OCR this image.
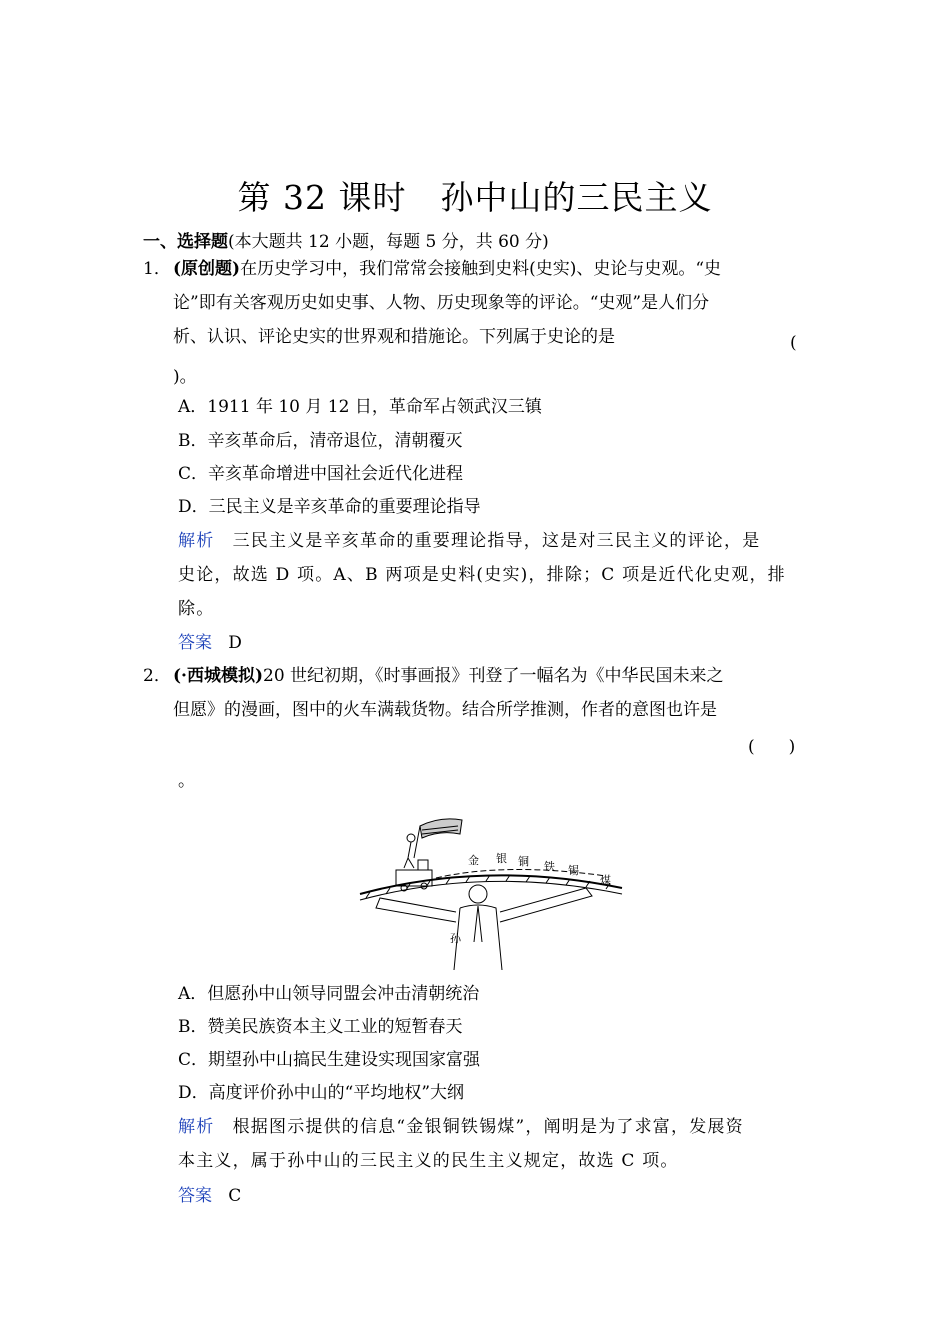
第 32 课时　孙中山的三民主义
一、选择题(本大题共 12 小题，每题 5 分，共 60 分)
1． (原创题)在历史学习中，我们常常会接触到史料(史实)、史论与史观。“史
论”即有关客观历史如史事、人物、历史现象等的评论。“史观”是人们分
析、认识、评论史实的世界观和措施论。下列属于史论的是	(
)。
A．1911 年 10 月 12 日，革命军占领武汉三镇
B．辛亥革命后，清帝退位，清朝覆灭
C．辛亥革命增进中国社会近代化进程
D．三民主义是辛亥革命的重要理论指导
解析　 三民主义是辛亥革命的重要理论指导，这是对三民主义的评论，是
史论，故选 D 项。A、B 两项是史料(史实)，排除；C 项是近代化史观，排
除。
答案 D
2． (·西城模拟)20 世纪初期，《时事画报》刊登了一幅名为《中华民国未来之
但愿》的漫画，图中的火车满载货物。结合所学推测，作者的意图也许是
(　　)
。
金 银 铜 铁 锡
煤
孙
A．但愿孙中山领导同盟会冲击清朝统治
B．赞美民族资本主义工业的短暂春天
C．期望孙中山搞民生建设实现国家富强
D．高度评价孙中山的“平均地权”大纲
解析　 根据图示提供的信息“金银铜铁锡煤”，阐明是为了求富，发展资
本主义，属于孙中山的三民主义的民生主义规定，故选 C 项。
答案 C
